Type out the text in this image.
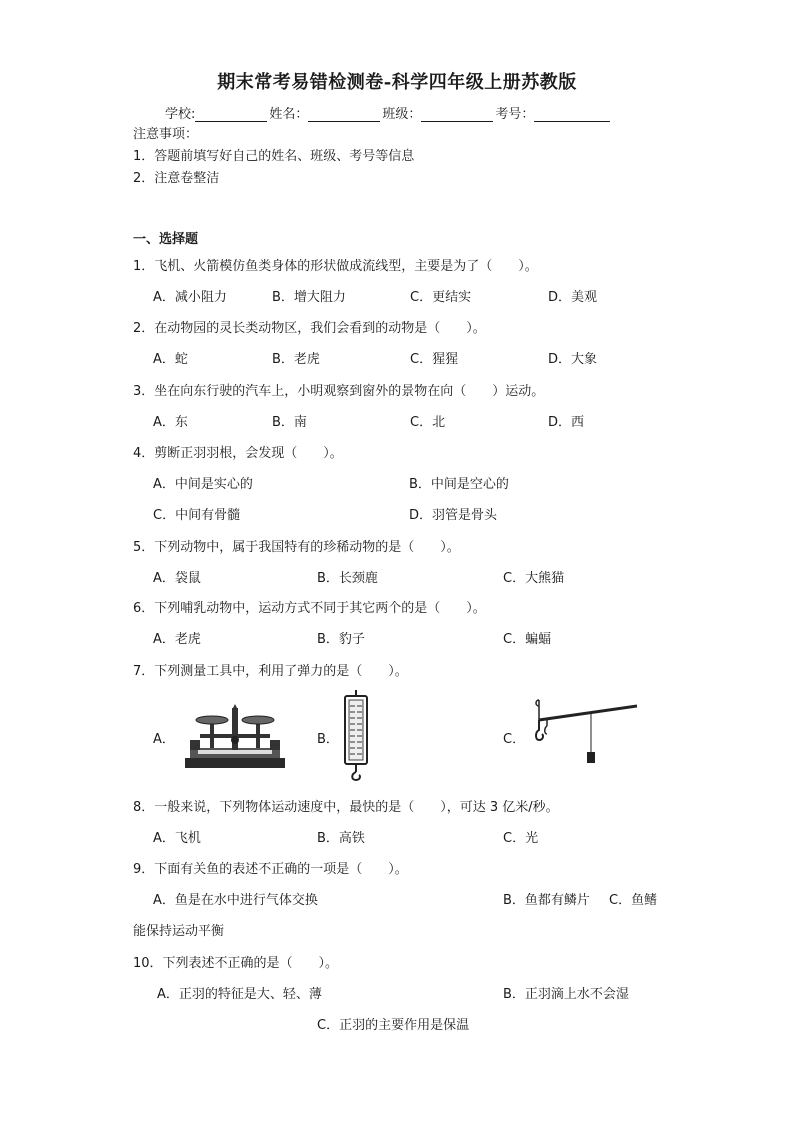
期末常考易错检测卷-科学四年级上册苏教版
学校:	姓名：	班级：	考号：
注意事项：
1．答题前填写好自己的姓名、班级、考号等信息
2．注意卷整洁
一、选择题
1．飞机、火箭模仿鱼类身体的形状做成流线型，主要是为了（　　）。
A．减小阻力	B．增大阻力	C．更结实	D．美观
2．在动物园的灵长类动物区，我们会看到的动物是（　　）。
A．蛇	B．老虎	C．猩猩	D．大象
3．坐在向东行驶的汽车上，小明观察到窗外的景物在向（　　）运动。
A．东	B．南	C．北	D．西
4．剪断正羽羽根，会发现（　　）。
A．中间是实心的	B．中间是空心的
C．中间有骨髓	D．羽管是骨头
5．下列动物中，属于我国特有的珍稀动物的是（　　）。
A．袋鼠	B．长颈鹿	C．大熊猫
6．下列哺乳动物中，运动方式不同于其它两个的是（　　）。
A．老虎	B．豹子	C．蝙蝠
7．下列测量工具中，利用了弹力的是（　　）。
A．	B．	C．
8．一般来说，下列物体运动速度中，最快的是（　　），可达 3 亿米/秒。
A．飞机	B．高铁	C．光
9．下面有关鱼的表述不正确的一项是（　　）。
A．鱼是在水中进行气体交换	B．鱼都有鳞片 C．鱼鳍
能保持运动平衡
10．下列表述不正确的是（　　）。
A．正羽的特征是大、轻、薄	B．正羽滴上水不会湿
C．正羽的主要作用是保温
